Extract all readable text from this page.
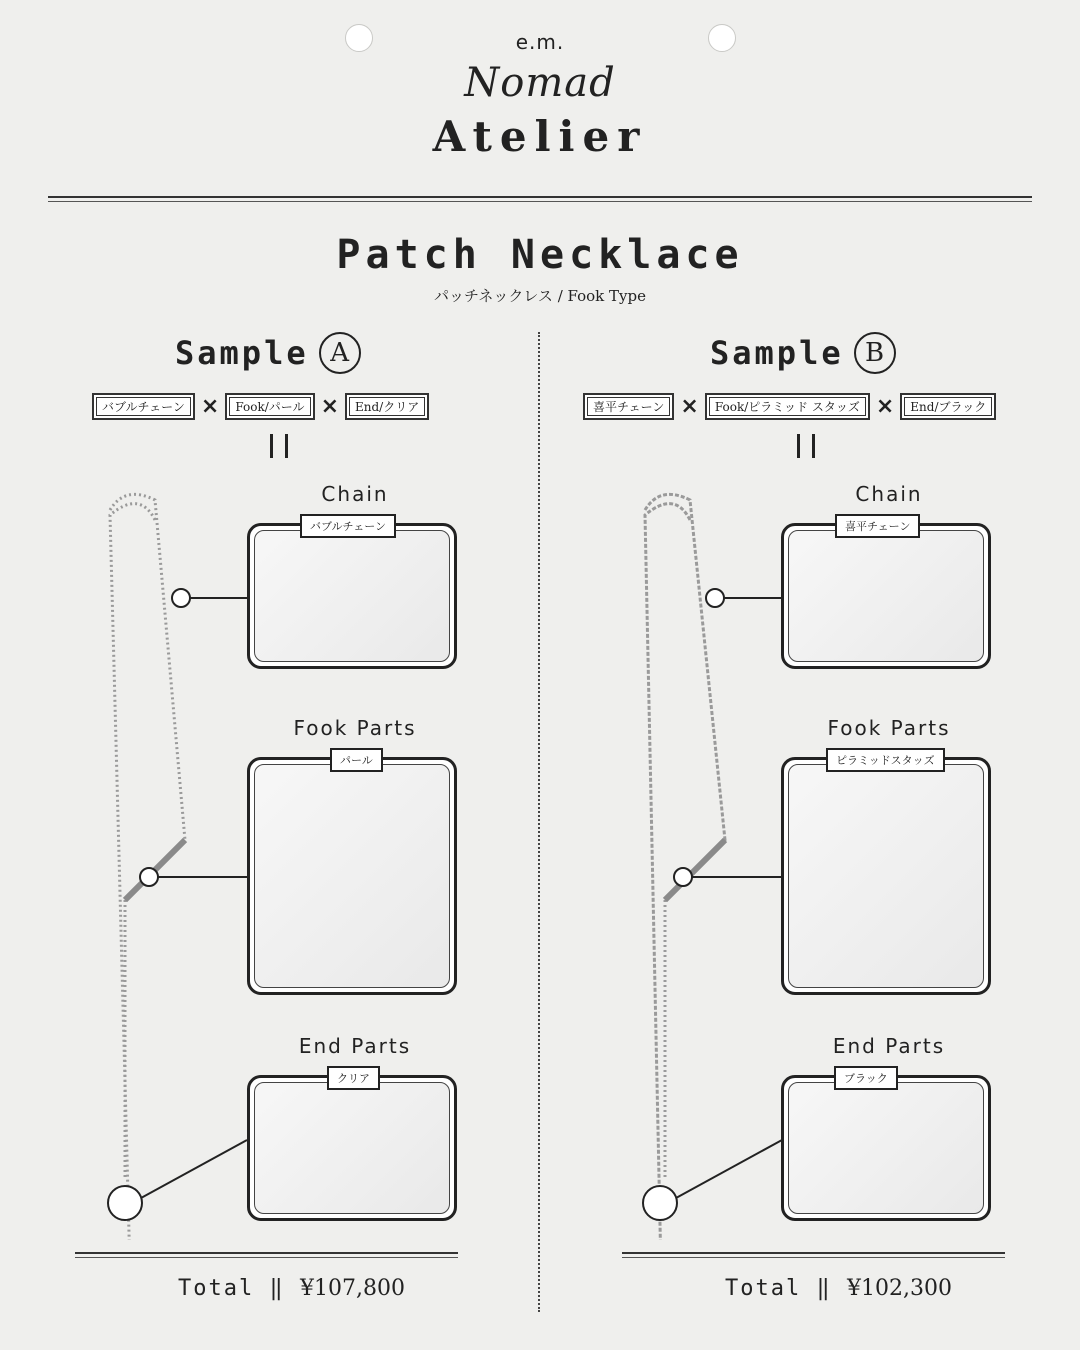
e.m.
Nomad
Atelier
Patch Necklace
パッチネックレス / Fook Type
Sample A
バブルチェーン ×	Fook/パール ×	End/クリア
Chain
バブルチェーン
Fook Parts
パール
End Parts
クリア
Total ‖ ¥107,800
Sample B
喜平チェーン ×	Fook/ピラミッド スタッズ ×	End/ブラック
Chain
喜平チェーン
Fook Parts
ピラミッドスタッズ
End Parts
ブラック
Total ‖ ¥102,300
